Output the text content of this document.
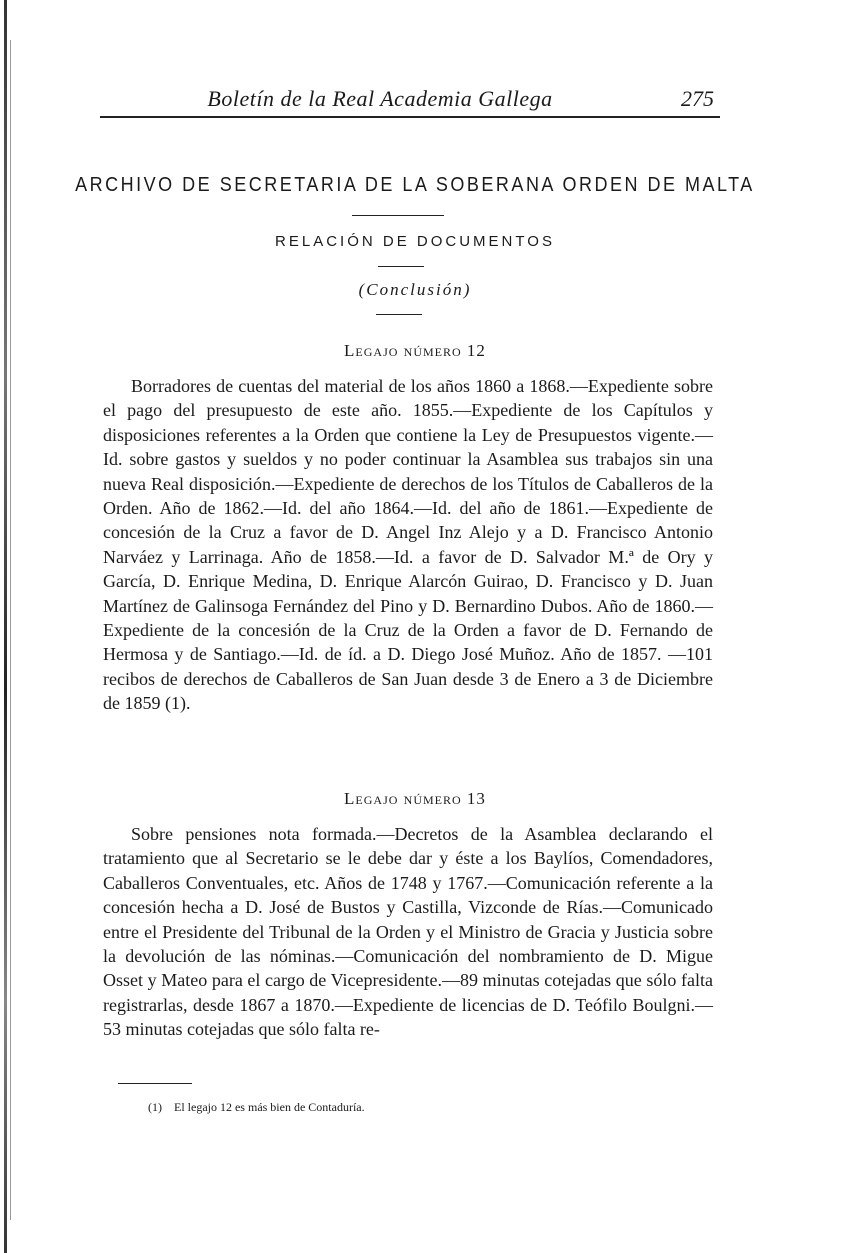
Boletín de la Real Academia Gallega	275
ARCHIVO DE SECRETARIA DE LA SOBERANA ORDEN DE MALTA
RELACIÓN DE DOCUMENTOS
(Conclusión)
Legajo número 12

Borradores de cuentas del material de los años 1860 a 1868.—Expediente sobre el pago del presupuesto de este año. 1855.—Expediente de los Capítulos y disposiciones referentes a la Orden que contiene la Ley de Presupuestos vigente.—Id. sobre gastos y sueldos y no poder continuar la Asamblea sus trabajos sin una nueva Real disposición.—Expediente de derechos de los Títulos de Caballeros de la Orden. Año de 1862.—Id. del año 1864.—Id. del año de 1861.—Expediente de concesión de la Cruz a favor de D. Angel Inz Alejo y a D. Francisco Antonio Narváez y Larrinaga. Año de 1858.—Id. a favor de D. Salvador M.ª de Ory y García, D. Enrique Medina, D. Enrique Alarcón Guirao, D. Francisco y D. Juan Martínez de Galinsoga Fernández del Pino y D. Bernardino Dubos. Año de 1860.—Expediente de la concesión de la Cruz de la Orden a favor de D. Fernando de Hermosa y de Santiago.—Id. de íd. a D. Diego José Muñoz. Año de 1857. —101 recibos de derechos de Caballeros de San Juan desde 3 de Enero a 3 de Diciembre de 1859 (1).

Legajo número 13

Sobre pensiones nota formada.—Decretos de la Asamblea declarando el tratamiento que al Secretario se le debe dar y éste a los Baylíos, Comendadores, Caballeros Conventuales, etc. Años de 1748 y 1767.—Comunicación referente a la concesión hecha a D. José de Bustos y Castilla, Vizconde de Rías.—Comunicado entre el Presidente del Tribunal de la Orden y el Ministro de Gracia y Justicia sobre la devolución de las nóminas.—Comunicación del nombramiento de D. Migue Osset y Mateo para el cargo de Vicepresidente.—89 minutas cotejadas que sólo falta registrarlas, desde 1867 a 1870.—Expediente de licencias de D. Teófilo Boulgni.—53 minutas cotejadas que sólo falta re-

(1) El legajo 12 es más bien de Contaduría.
